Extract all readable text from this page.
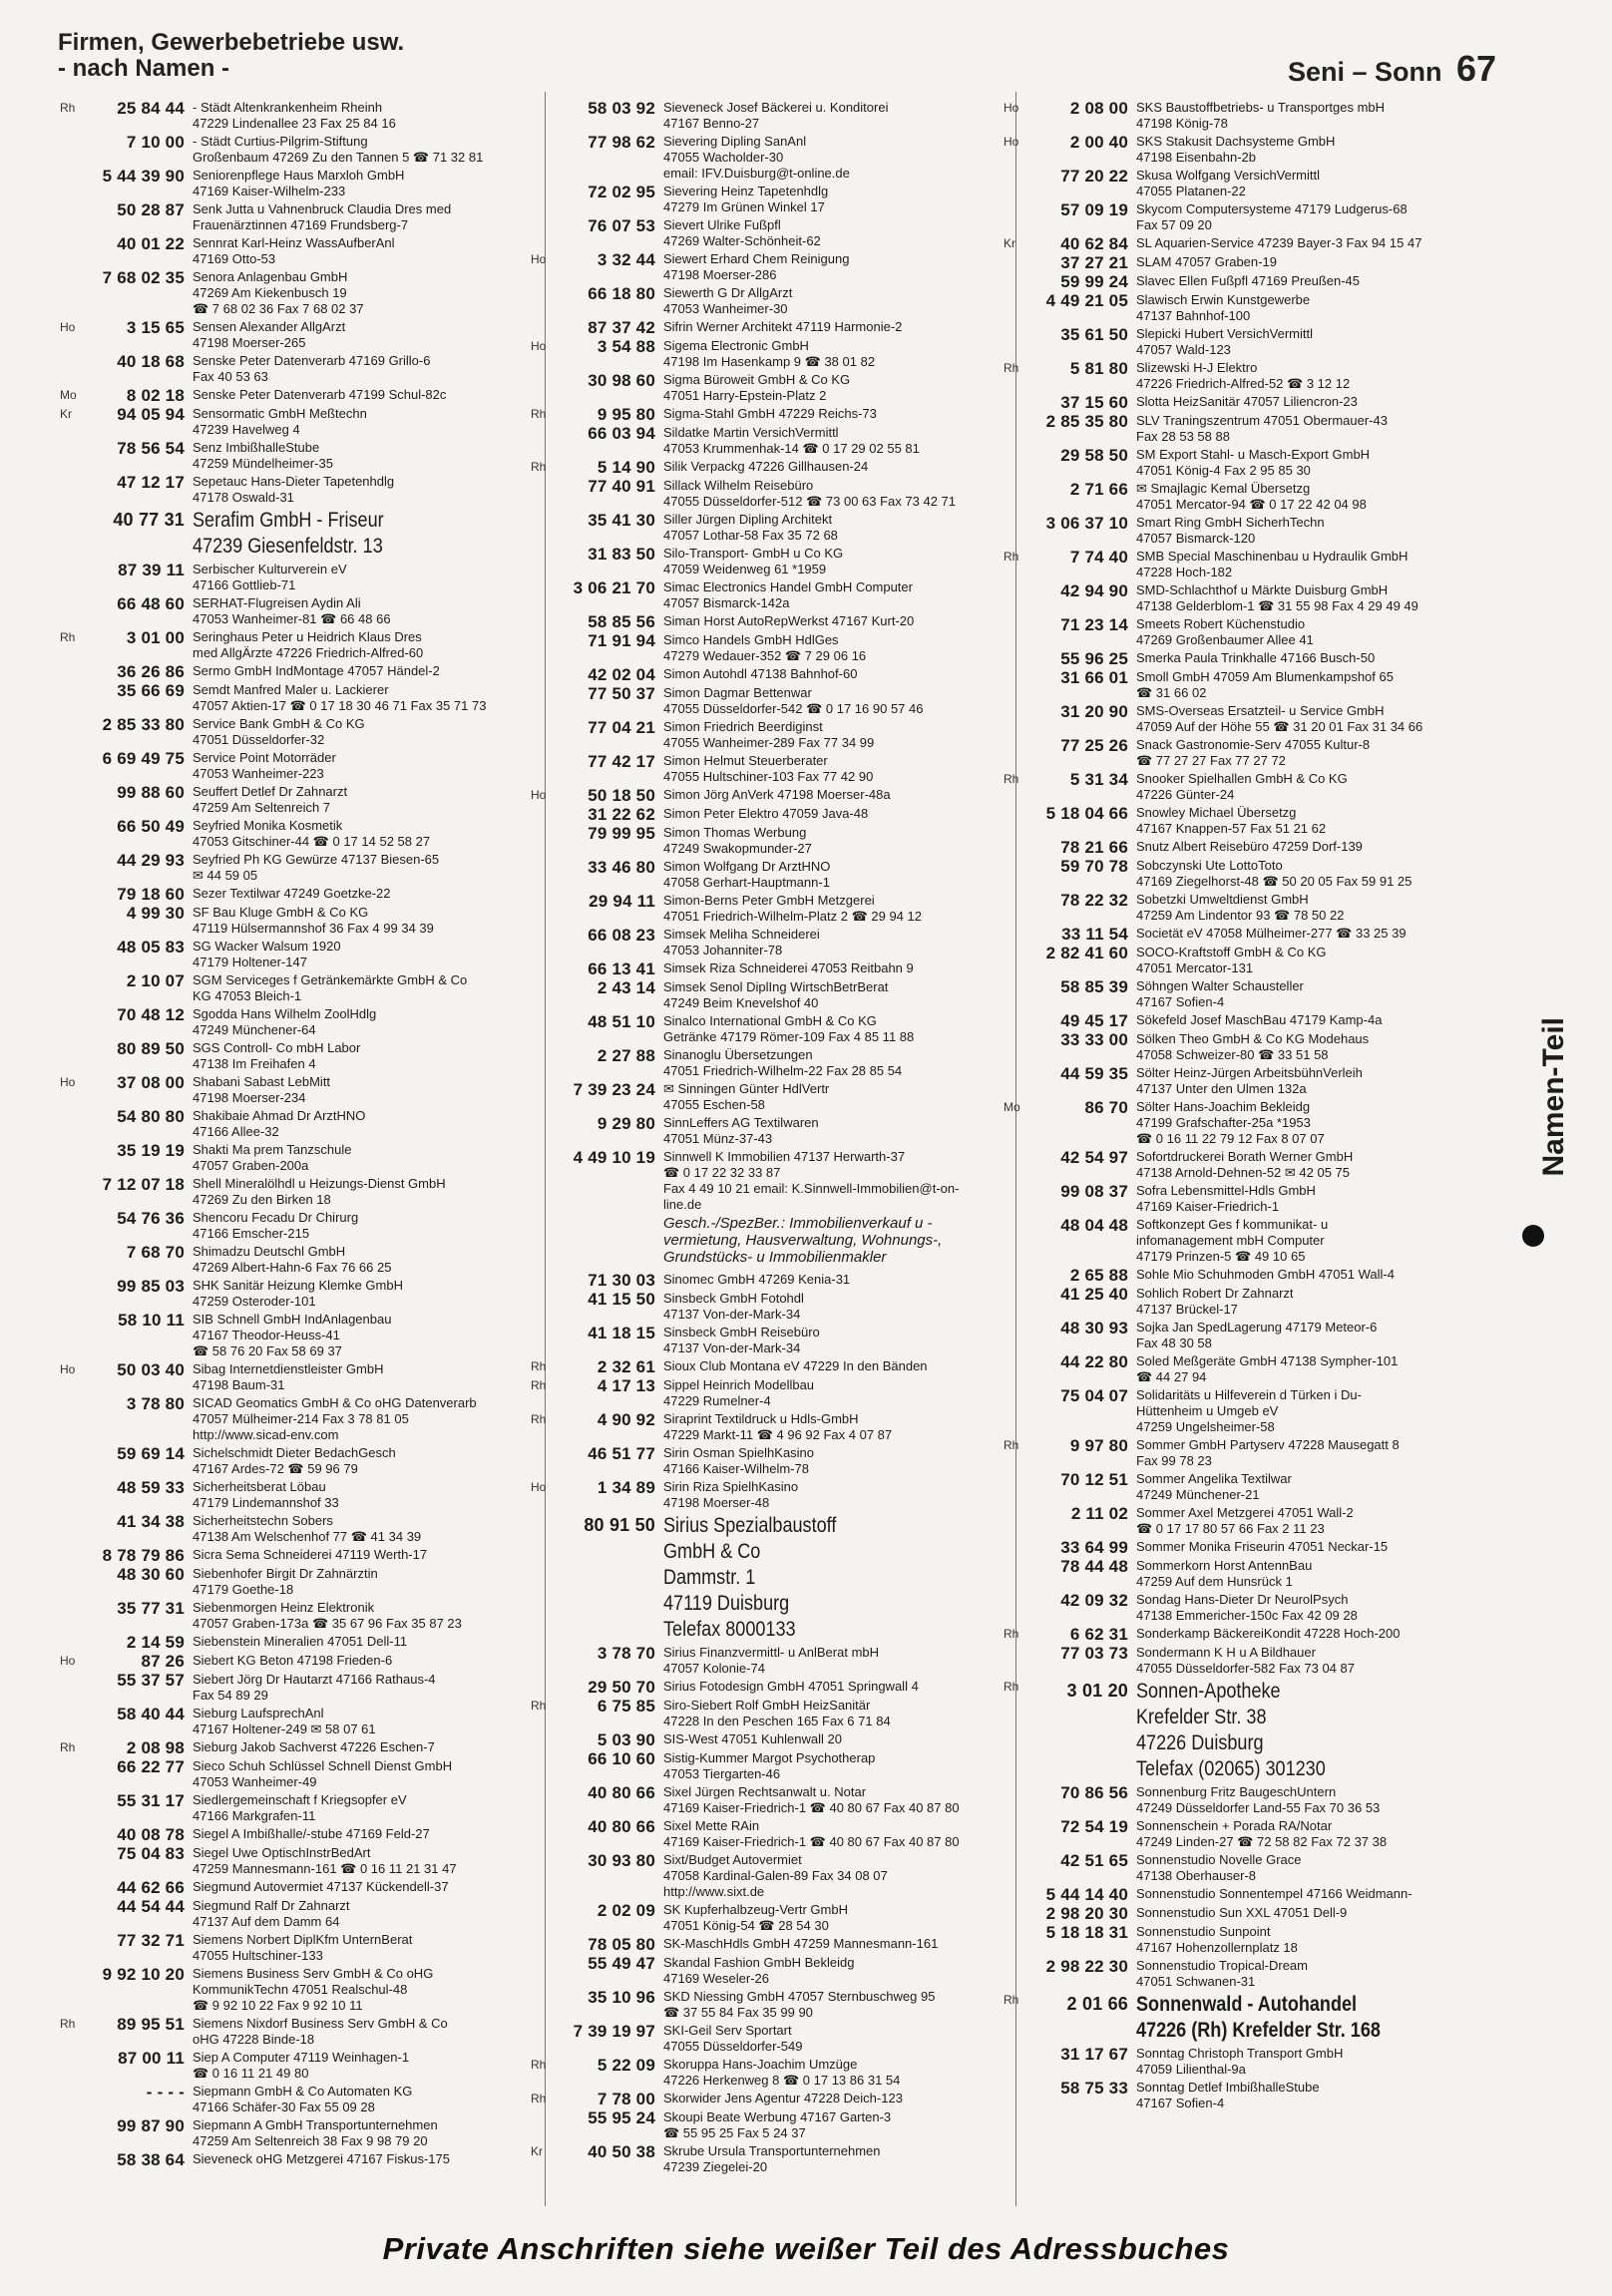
Firmen, Gewerbebetriebe usw.
- nach Namen -	Seni – Sonn 67
Rh	25 84 44 - Städt Altenkrankenheim Rheinh
47229 Lindenallee 23 Fax 25 84 16
7 10 00 - Städt Curtius-Pilgrim-Stiftung
Großenbaum 47269 Zu den Tannen 5 ☎ 71 32 81
5 44 39 90 Seniorenpflege Haus Marxloh GmbH
47169 Kaiser-Wilhelm-233
50 28 87 Senk Jutta u Vahnenbruck Claudia Dres med
Frauenärztinnen 47169 Frundsberg-7
40 01 22 Sennrat Karl-Heinz WassAufberAnl
47169 Otto-53
7 68 02 35 Senora Anlagenbau GmbH
47269 Am Kiekenbusch 19
☎ 7 68 02 36 Fax 7 68 02 37
Ho	3 15 65 Sensen Alexander AllgArzt
47198 Moerser-265
40 18 68 Senske Peter Datenverarb 47169 Grillo-6
Fax 40 53 63
Mo	8 02 18 Senske Peter Datenverarb 47199 Schul-82c
Kr	94 05 94 Sensormatic GmbH Meßtechn
47239 Havelweg 4
78 56 54 Senz ImbißhalleStube
47259 Mündelheimer-35
47 12 17 Sepetauc Hans-Dieter Tapetenhdlg
47178 Oswald-31
40 77 31 Serafim GmbH - Friseur
47239 Giesenfeldstr. 13
87 39 11 Serbischer Kulturverein eV
47166 Gottlieb-71
66 48 60 SERHAT-Flugreisen Aydin Ali
47053 Wanheimer-81 ☎ 66 48 66
Rh	3 01 00 Seringhaus Peter u Heidrich Klaus Dres
med AllgÄrzte 47226 Friedrich-Alfred-60
36 26 86 Sermo GmbH IndMontage 47057 Händel-2
35 66 69 Semdt Manfred Maler u. Lackierer
47057 Aktien-17 ☎ 0 17 18 30 46 71 Fax 35 71 73
2 85 33 80 Service Bank GmbH & Co KG
47051 Düsseldorfer-32
6 69 49 75 Service Point Motorräder
47053 Wanheimer-223
99 88 60 Seuffert Detlef Dr Zahnarzt
47259 Am Seltenreich 7
66 50 49 Seyfried Monika Kosmetik
47053 Gitschiner-44 ☎ 0 17 14 52 58 27
44 29 93 Seyfried Ph KG Gewürze 47137 Biesen-65
✉ 44 59 05
79 18 60 Sezer Textilwar 47249 Goetzke-22
4 99 30 SF Bau Kluge GmbH & Co KG
47119 Hülsermannshof 36 Fax 4 99 34 39
48 05 83 SG Wacker Walsum 1920
47179 Holtener-147
2 10 07 SGM Serviceges f Getränkemärkte GmbH & Co
KG 47053 Bleich-1
70 48 12 Sgodda Hans Wilhelm ZoolHdlg
47249 Münchener-64
80 89 50 SGS Controll- Co mbH Labor
47138 Im Freihafen 4
Ho	37 08 00 Shabani Sabast LebMitt
47198 Moerser-234
54 80 80 Shakibaie Ahmad Dr ArztHNO
47166 Allee-32
35 19 19 Shakti Ma prem Tanzschule
47057 Graben-200a
7 12 07 18 Shell Mineralölhdl u Heizungs-Dienst GmbH
47269 Zu den Birken 18
54 76 36 Shencoru Fecadu Dr Chirurg
47166 Emscher-215
7 68 70 Shimadzu Deutschl GmbH
47269 Albert-Hahn-6 Fax 76 66 25
99 85 03 SHK Sanitär Heizung Klemke GmbH
47259 Osteroder-101
58 10 11 SIB Schnell GmbH IndAnlagenbau
47167 Theodor-Heuss-41
☎ 58 76 20 Fax 58 69 37
Ho	50 03 40 Sibag Internetdienstleister GmbH
47198 Baum-31
3 78 80 SICAD Geomatics GmbH & Co oHG Datenverarb
47057 Mülheimer-214 Fax 3 78 81 05
http://www.sicad-env.com
59 69 14 Sichelschmidt Dieter BedachGesch
47167 Ardes-72 ☎ 59 96 79
48 59 33 Sicherheitsberat Löbau
47179 Lindemannshof 33
41 34 38 Sicherheitstechn Sobers
47138 Am Welschenhof 77 ☎ 41 34 39
8 78 79 86 Sicra Sema Schneiderei 47119 Werth-17
48 30 60 Siebenhofer Birgit Dr Zahnärztin
47179 Goethe-18
35 77 31 Siebenmorgen Heinz Elektronik
47057 Graben-173a ☎ 35 67 96 Fax 35 87 23
2 14 59 Siebenstein Mineralien 47051 Dell-11
Ho	87 26 Siebert KG Beton 47198 Frieden-6
55 37 57 Siebert Jörg Dr Hautarzt 47166 Rathaus-4
Fax 54 89 29
58 40 44 Sieburg LaufsprechAnl
47167 Holtener-249 ✉ 58 07 61
Rh	2 08 98 Sieburg Jakob Sachverst 47226 Eschen-7
66 22 77 Sieco Schuh Schlüssel Schnell Dienst GmbH
47053 Wanheimer-49
55 31 17 Siedlergemeinschaft f Kriegsopfer eV
47166 Markgrafen-11
40 08 78 Siegel A Imbißhalle/-stube 47169 Feld-27
75 04 83 Siegel Uwe OptischInstrBedArt
47259 Mannesmann-161 ☎ 0 16 11 21 31 47
44 62 66 Siegmund Autovermiet 47137 Kückendell-37
44 54 44 Siegmund Ralf Dr Zahnarzt
47137 Auf dem Damm 64
77 32 71 Siemens Norbert DiplKfm UnternBerat
47055 Hultschiner-133
9 92 10 20 Siemens Business Serv GmbH & Co oHG
KommunikTechn 47051 Realschul-48
☎ 9 92 10 22 Fax 9 92 10 11
Rh	89 95 51 Siemens Nixdorf Business Serv GmbH & Co
oHG 47228 Binde-18
87 00 11 Siep A Computer 47119 Weinhagen-1
☎ 0 16 11 21 49 80
- - - - Siepmann GmbH & Co Automaten KG
47166 Schäfer-30 Fax 55 09 28
99 87 90 Siepmann A GmbH Transportunternehmen
47259 Am Seltenreich 38 Fax 9 98 79 20
58 38 64 Sieveneck oHG Metzgerei 47167 Fiskus-175
58 03 92 Sieveneck Josef Bäckerei u. Konditorei
47167 Benno-27
77 98 62 Sievering Dipling SanAnl
47055 Wacholder-30
email: IFV.Duisburg@t-online.de
72 02 95 Sievering Heinz Tapetenhdlg
47279 Im Grünen Winkel 17
76 07 53 Sievert Ulrike Fußpfl
47269 Walter-Schönheit-62
Ho	3 32 44 Siewert Erhard Chem Reinigung
47198 Moerser-286
66 18 80 Siewerth G Dr AllgArzt
47053 Wanheimer-30
87 37 42 Sifrin Werner Architekt 47119 Harmonie-2
Ho	3 54 88 Sigema Electronic GmbH
47198 Im Hasenkamp 9 ☎ 38 01 82
30 98 60 Sigma Büroweit GmbH & Co KG
47051 Harry-Epstein-Platz 2
Rh	9 95 80 Sigma-Stahl GmbH 47229 Reichs-73
66 03 94 Sildatke Martin VersichVermittl
47053 Krummenhak-14 ☎ 0 17 29 02 55 81
Rh	5 14 90 Silik Verpackg 47226 Gillhausen-24
77 40 91 Sillack Wilhelm Reisebüro
47055 Düsseldorfer-512 ☎ 73 00 63 Fax 73 42 71
35 41 30 Siller Jürgen Dipling Architekt
47057 Lothar-58 Fax 35 72 68
31 83 50 Silo-Transport- GmbH u Co KG
47059 Weidenweg 61 *1959
3 06 21 70 Simac Electronics Handel GmbH Computer
47057 Bismarck-142a
58 85 56 Siman Horst AutoRepWerkst 47167 Kurt-20
71 91 94 Simco Handels GmbH HdlGes
47279 Wedauer-352 ☎ 7 29 06 16
42 02 04 Simon Autohdl 47138 Bahnhof-60
77 50 37 Simon Dagmar Bettenwar
47055 Düsseldorfer-542 ☎ 0 17 16 90 57 46
77 04 21 Simon Friedrich Beerdiginst
47055 Wanheimer-289 Fax 77 34 99
77 42 17 Simon Helmut Steuerberater
47055 Hultschiner-103 Fax 77 42 90
Ho	50 18 50 Simon Jörg AnVerk 47198 Moerser-48a
31 22 62 Simon Peter Elektro 47059 Java-48
79 99 95 Simon Thomas Werbung
47249 Swakopmunder-27
33 46 80 Simon Wolfgang Dr ArztHNO
47058 Gerhart-Hauptmann-1
29 94 11 Simon-Berns Peter GmbH Metzgerei
47051 Friedrich-Wilhelm-Platz 2 ☎ 29 94 12
66 08 23 Simsek Meliha Schneiderei
47053 Johanniter-78
66 13 41 Simsek Riza Schneiderei 47053 Reitbahn 9
2 43 14 Simsek Senol DiplIng WirtschBetrBerat
47249 Beim Knevelshof 40
48 51 10 Sinalco International GmbH & Co KG
Getränke 47179 Römer-109 Fax 4 85 11 88
2 27 88 Sinanoglu Übersetzungen
47051 Friedrich-Wilhelm-22 Fax 28 85 54
7 39 23 24 ✉ Sinningen Günter HdlVertr
47055 Eschen-58
9 29 80 SinnLeffers AG Textilwaren
47051 Münz-37-43
4 49 10 19 Sinnwell K Immobilien 47137 Herwarth-37
☎ 0 17 22 32 33 87
Fax 4 49 10 21 email: K.Sinnwell-Immobilien@t-on-
line.de
Gesch.-/SpezBer.: Immobilienverkauf u -
vermietung, Hausverwaltung, Wohnungs-,
Grundstücks- u Immobilienmakler
71 30 03 Sinomec GmbH 47269 Kenia-31
41 15 50 Sinsbeck GmbH Fotohdl
47137 Von-der-Mark-34
41 18 15 Sinsbeck GmbH Reisebüro
47137 Von-der-Mark-34
Rh	2 32 61 Sioux Club Montana eV 47229 In den Bänden
Rh	4 17 13 Sippel Heinrich Modellbau
47229 Rumelner-4
Rh	4 90 92 Siraprint Textildruck u Hdls-GmbH
47229 Markt-11 ☎ 4 96 92 Fax 4 07 87
46 51 77 Sirin Osman SpielhKasino
47166 Kaiser-Wilhelm-78
Ho	1 34 89 Sirin Riza SpielhKasino
47198 Moerser-48
80 91 50 Sirius Spezialbaustoff
GmbH & Co
Dammstr. 1
47119 Duisburg
Telefax 8000133
3 78 70 Sirius Finanzvermittl- u AnlBerat mbH
47057 Kolonie-74
29 50 70 Sirius Fotodesign GmbH 47051 Springwall 4
Rh	6 75 85 Siro-Siebert Rolf GmbH HeizSanitär
47228 In den Peschen 165 Fax 6 71 84
5 03 90 SIS-West 47051 Kuhlenwall 20
66 10 60 Sistig-Kummer Margot Psychotherap
47053 Tiergarten-46
40 80 66 Sixel Jürgen Rechtsanwalt u. Notar
47169 Kaiser-Friedrich-1 ☎ 40 80 67 Fax 40 87 80
40 80 66 Sixel Mette RAin
47169 Kaiser-Friedrich-1 ☎ 40 80 67 Fax 40 87 80
30 93 80 Sixt/Budget Autovermiet
47058 Kardinal-Galen-89 Fax 34 08 07
http://www.sixt.de
2 02 09 SK Kupferhalbzeug-Vertr GmbH
47051 König-54 ☎ 28 54 30
78 05 80 SK-MaschHdls GmbH 47259 Mannesmann-161
55 49 47 Skandal Fashion GmbH Bekleidg
47169 Weseler-26
35 10 96 SKD Niessing GmbH 47057 Sternbuschweg 95
☎ 37 55 84 Fax 35 99 90
7 39 19 97 SKI-Geil Serv Sportart
47055 Düsseldorfer-549
Rh	5 22 09 Skoruppa Hans-Joachim Umzüge
47226 Herkenweg 8 ☎ 0 17 13 86 31 54
Rh	7 78 00 Skorwider Jens Agentur 47228 Deich-123
55 95 24 Skoupi Beate Werbung 47167 Garten-3
☎ 55 95 25 Fax 5 24 37
Kr	40 50 38 Skrube Ursula Transportunternehmen
47239 Ziegelei-20
Ho	2 08 00 SKS Baustoffbetriebs- u Transportges mbH
47198 König-78
Ho	2 00 40 SKS Stakusit Dachsysteme GmbH
47198 Eisenbahn-2b
77 20 22 Skusa Wolfgang VersichVermittl
47055 Platanen-22
57 09 19 Skycom Computersysteme 47179 Ludgerus-68
Fax 57 09 20
Kr	40 62 84 SL Aquarien-Service 47239 Bayer-3 Fax 94 15 47
37 27 21 SLAM 47057 Graben-19
59 99 24 Slavec Ellen Fußpfl 47169 Preußen-45
4 49 21 05 Slawisch Erwin Kunstgewerbe
47137 Bahnhof-100
35 61 50 Slepicki Hubert VersichVermittl
47057 Wald-123
Rh	5 81 80 Slizewski H-J Elektro
47226 Friedrich-Alfred-52 ☎ 3 12 12
37 15 60 Slotta HeizSanitär 47057 Liliencron-23
2 85 35 80 SLV Traningszentrum 47051 Obermauer-43
Fax 28 53 58 88
29 58 50 SM Export Stahl- u Masch-Export GmbH
47051 König-4 Fax 2 95 85 30
2 71 66 ✉ Smajlagic Kemal Übersetzg
47051 Mercator-94 ☎ 0 17 22 42 04 98
3 06 37 10 Smart Ring GmbH SicherhTechn
47057 Bismarck-120
Rh	7 74 40 SMB Special Maschinenbau u Hydraulik GmbH
47228 Hoch-182
42 94 90 SMD-Schlachthof u Märkte Duisburg GmbH
47138 Gelderblom-1 ☎ 31 55 98 Fax 4 29 49 49
71 23 14 Smeets Robert Küchenstudio
47269 Großenbaumer Allee 41
55 96 25 Smerka Paula Trinkhalle 47166 Busch-50
31 66 01 Smoll GmbH 47059 Am Blumenkampshof 65
☎ 31 66 02
31 20 90 SMS-Overseas Ersatzteil- u Service GmbH
47059 Auf der Höhe 55 ☎ 31 20 01 Fax 31 34 66
77 25 26 Snack Gastronomie-Serv 47055 Kultur-8
☎ 77 27 27 Fax 77 27 72
Rh	5 31 34 Snooker Spielhallen GmbH & Co KG
47226 Günter-24
5 18 04 66 Snowley Michael Übersetzg
47167 Knappen-57 Fax 51 21 62
78 21 66 Snutz Albert Reisebüro 47259 Dorf-139
59 70 78 Sobczynski Ute LottoToto
47169 Ziegelhorst-48 ☎ 50 20 05 Fax 59 91 25
78 22 32 Sobetzki Umweltdienst GmbH
47259 Am Lindentor 93 ☎ 78 50 22
33 11 54 Societät eV 47058 Mülheimer-277 ☎ 33 25 39
2 82 41 60 SOCO-Kraftstoff GmbH & Co KG
47051 Mercator-131
58 85 39 Söhngen Walter Schausteller
47167 Sofien-4
49 45 17 Sökefeld Josef MaschBau 47179 Kamp-4a
33 33 00 Sölken Theo GmbH & Co KG Modehaus
47058 Schweizer-80 ☎ 33 51 58
44 59 35 Sölter Heinz-Jürgen ArbeitsbühnVerleih
47137 Unter den Ulmen 132a
Mo	86 70 Sölter Hans-Joachim Bekleidg
47199 Grafschafter-25a *1953
☎ 0 16 11 22 79 12 Fax 8 07 07
42 54 97 Sofortdruckerei Borath Werner GmbH
47138 Arnold-Dehnen-52 ✉ 42 05 75
99 08 37 Sofra Lebensmittel-Hdls GmbH
47169 Kaiser-Friedrich-1
48 04 48 Softkonzept Ges f kommunikat- u
infomanagement mbH Computer
47179 Prinzen-5 ☎ 49 10 65
2 65 88 Sohle Mio Schuhmoden GmbH 47051 Wall-4
41 25 40 Sohlich Robert Dr Zahnarzt
47137 Brückel-17
48 30 93 Sojka Jan SpedLagerung 47179 Meteor-6
Fax 48 30 58
44 22 80 Soled Meßgeräte GmbH 47138 Sympher-101
☎ 44 27 94
75 04 07 Solidaritäts u Hilfeverein d Türken i Du-
Hüttenheim u Umgeb eV
47259 Ungelsheimer-58
Rh	9 97 80 Sommer GmbH Partyserv 47228 Mausegatt 8
Fax 99 78 23
70 12 51 Sommer Angelika Textilwar
47249 Münchener-21
2 11 02 Sommer Axel Metzgerei 47051 Wall-2
☎ 0 17 17 80 57 66 Fax 2 11 23
33 64 99 Sommer Monika Friseurin 47051 Neckar-15
78 44 48 Sommerkorn Horst AntennBau
47259 Auf dem Hunsrück 1
42 09 32 Sondag Hans-Dieter Dr NeurolPsych
47138 Emmericher-150c Fax 42 09 28
Rh	6 62 31 Sonderkamp BäckereiKondit 47228 Hoch-200
77 03 73 Sondermann K H u A Bildhauer
47055 Düsseldorfer-582 Fax 73 04 87
Rh	3 01 20 Sonnen-Apotheke
Krefelder Str. 38
47226 Duisburg
Telefax (02065) 301230
70 86 56 Sonnenburg Fritz BaugeschUntern
47249 Düsseldorfer Land-55 Fax 70 36 53
72 54 19 Sonnenschein + Porada RA/Notar
47249 Linden-27 ☎ 72 58 82 Fax 72 37 38
42 51 65 Sonnenstudio Novelle Grace
47138 Oberhauser-8
5 44 14 40 Sonnenstudio Sonnentempel 47166 Weidmann-
2 98 20 30 Sonnenstudio Sun XXL 47051 Dell-9
5 18 18 31 Sonnenstudio Sunpoint
47167 Hohenzollernplatz 18
2 98 22 30 Sonnenstudio Tropical-Dream
47051 Schwanen-31
Rh	2 01 66 Sonnenwald - Autohandel
47226 (Rh) Krefelder Str. 168
31 17 67 Sonntag Christoph Transport GmbH
47059 Lilienthal-9a
58 75 33 Sonntag Detlef ImbißhalleStube
47167 Sofien-4
Namen-Teil
Private Anschriften siehe weißer Teil des Adressbuches
